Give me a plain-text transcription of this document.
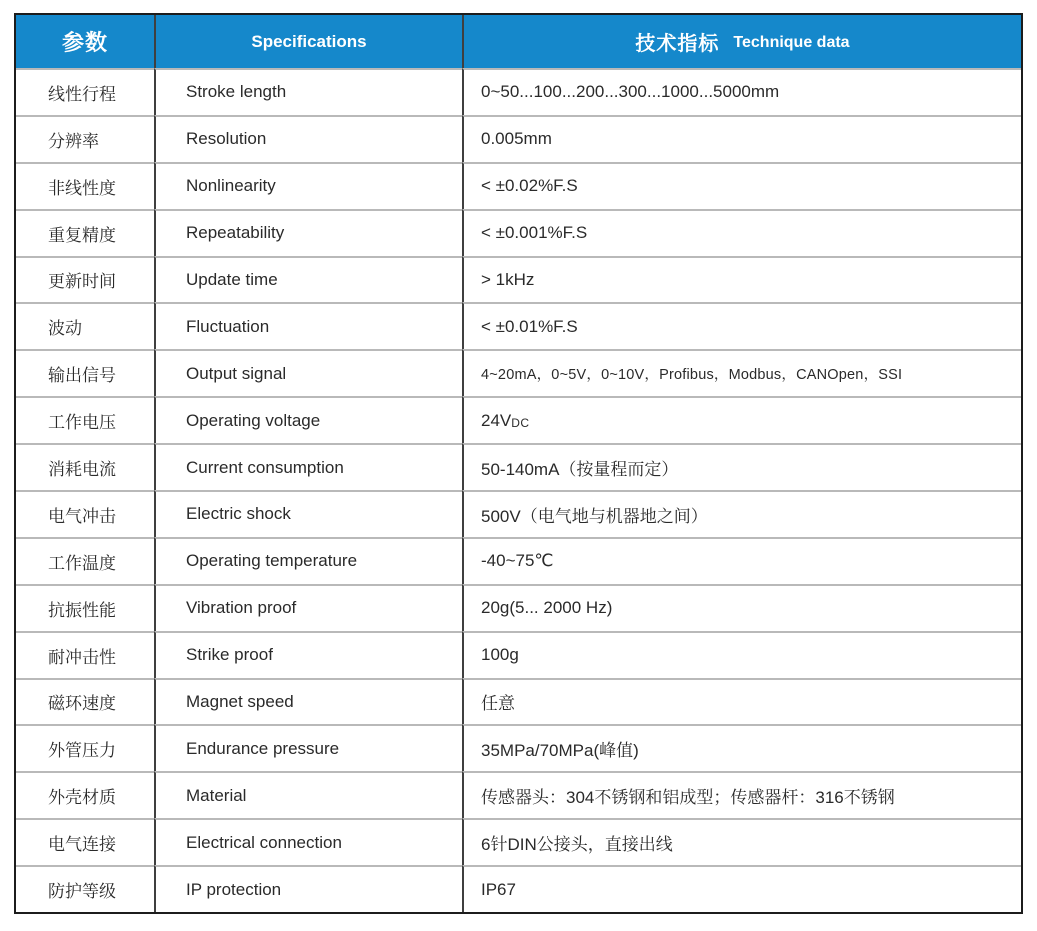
参数	Specifications	技术指标 Technique data
线性行程	Stroke length	0~50...100...200...300...1000...5000mm
分辨率	Resolution	0.005mm
非线性度	Nonlinearity	< ±0.02%F.S
重复精度	Repeatability	< ±0.001%F.S
更新时间	Update time	> 1kHz
波动	Fluctuation	< ±0.01%F.S
输出信号	Output signal	4~20mA，0~5V，0~10V，Profibus，Modbus，CANOpen，SSI
工作电压	Operating voltage	24V DC
消耗电流	Current consumption	50-140mA（按量程而定）
电气冲击	Electric shock	500V（电气地与机器地之间）
工作温度	Operating temperature	-40~75℃
抗振性能	Vibration proof	20g(5... 2000 Hz)
耐冲击性	Strike proof	100g
磁环速度	Magnet speed	任意
外管压力	Endurance pressure	35MPa/70MPa(峰值)
外壳材质	Material	传感器头：304不锈钢和铝成型；传感器杆：316不锈钢
电气连接	Electrical connection	6针DIN公接头，直接出线
防护等级	IP protection	IP67
